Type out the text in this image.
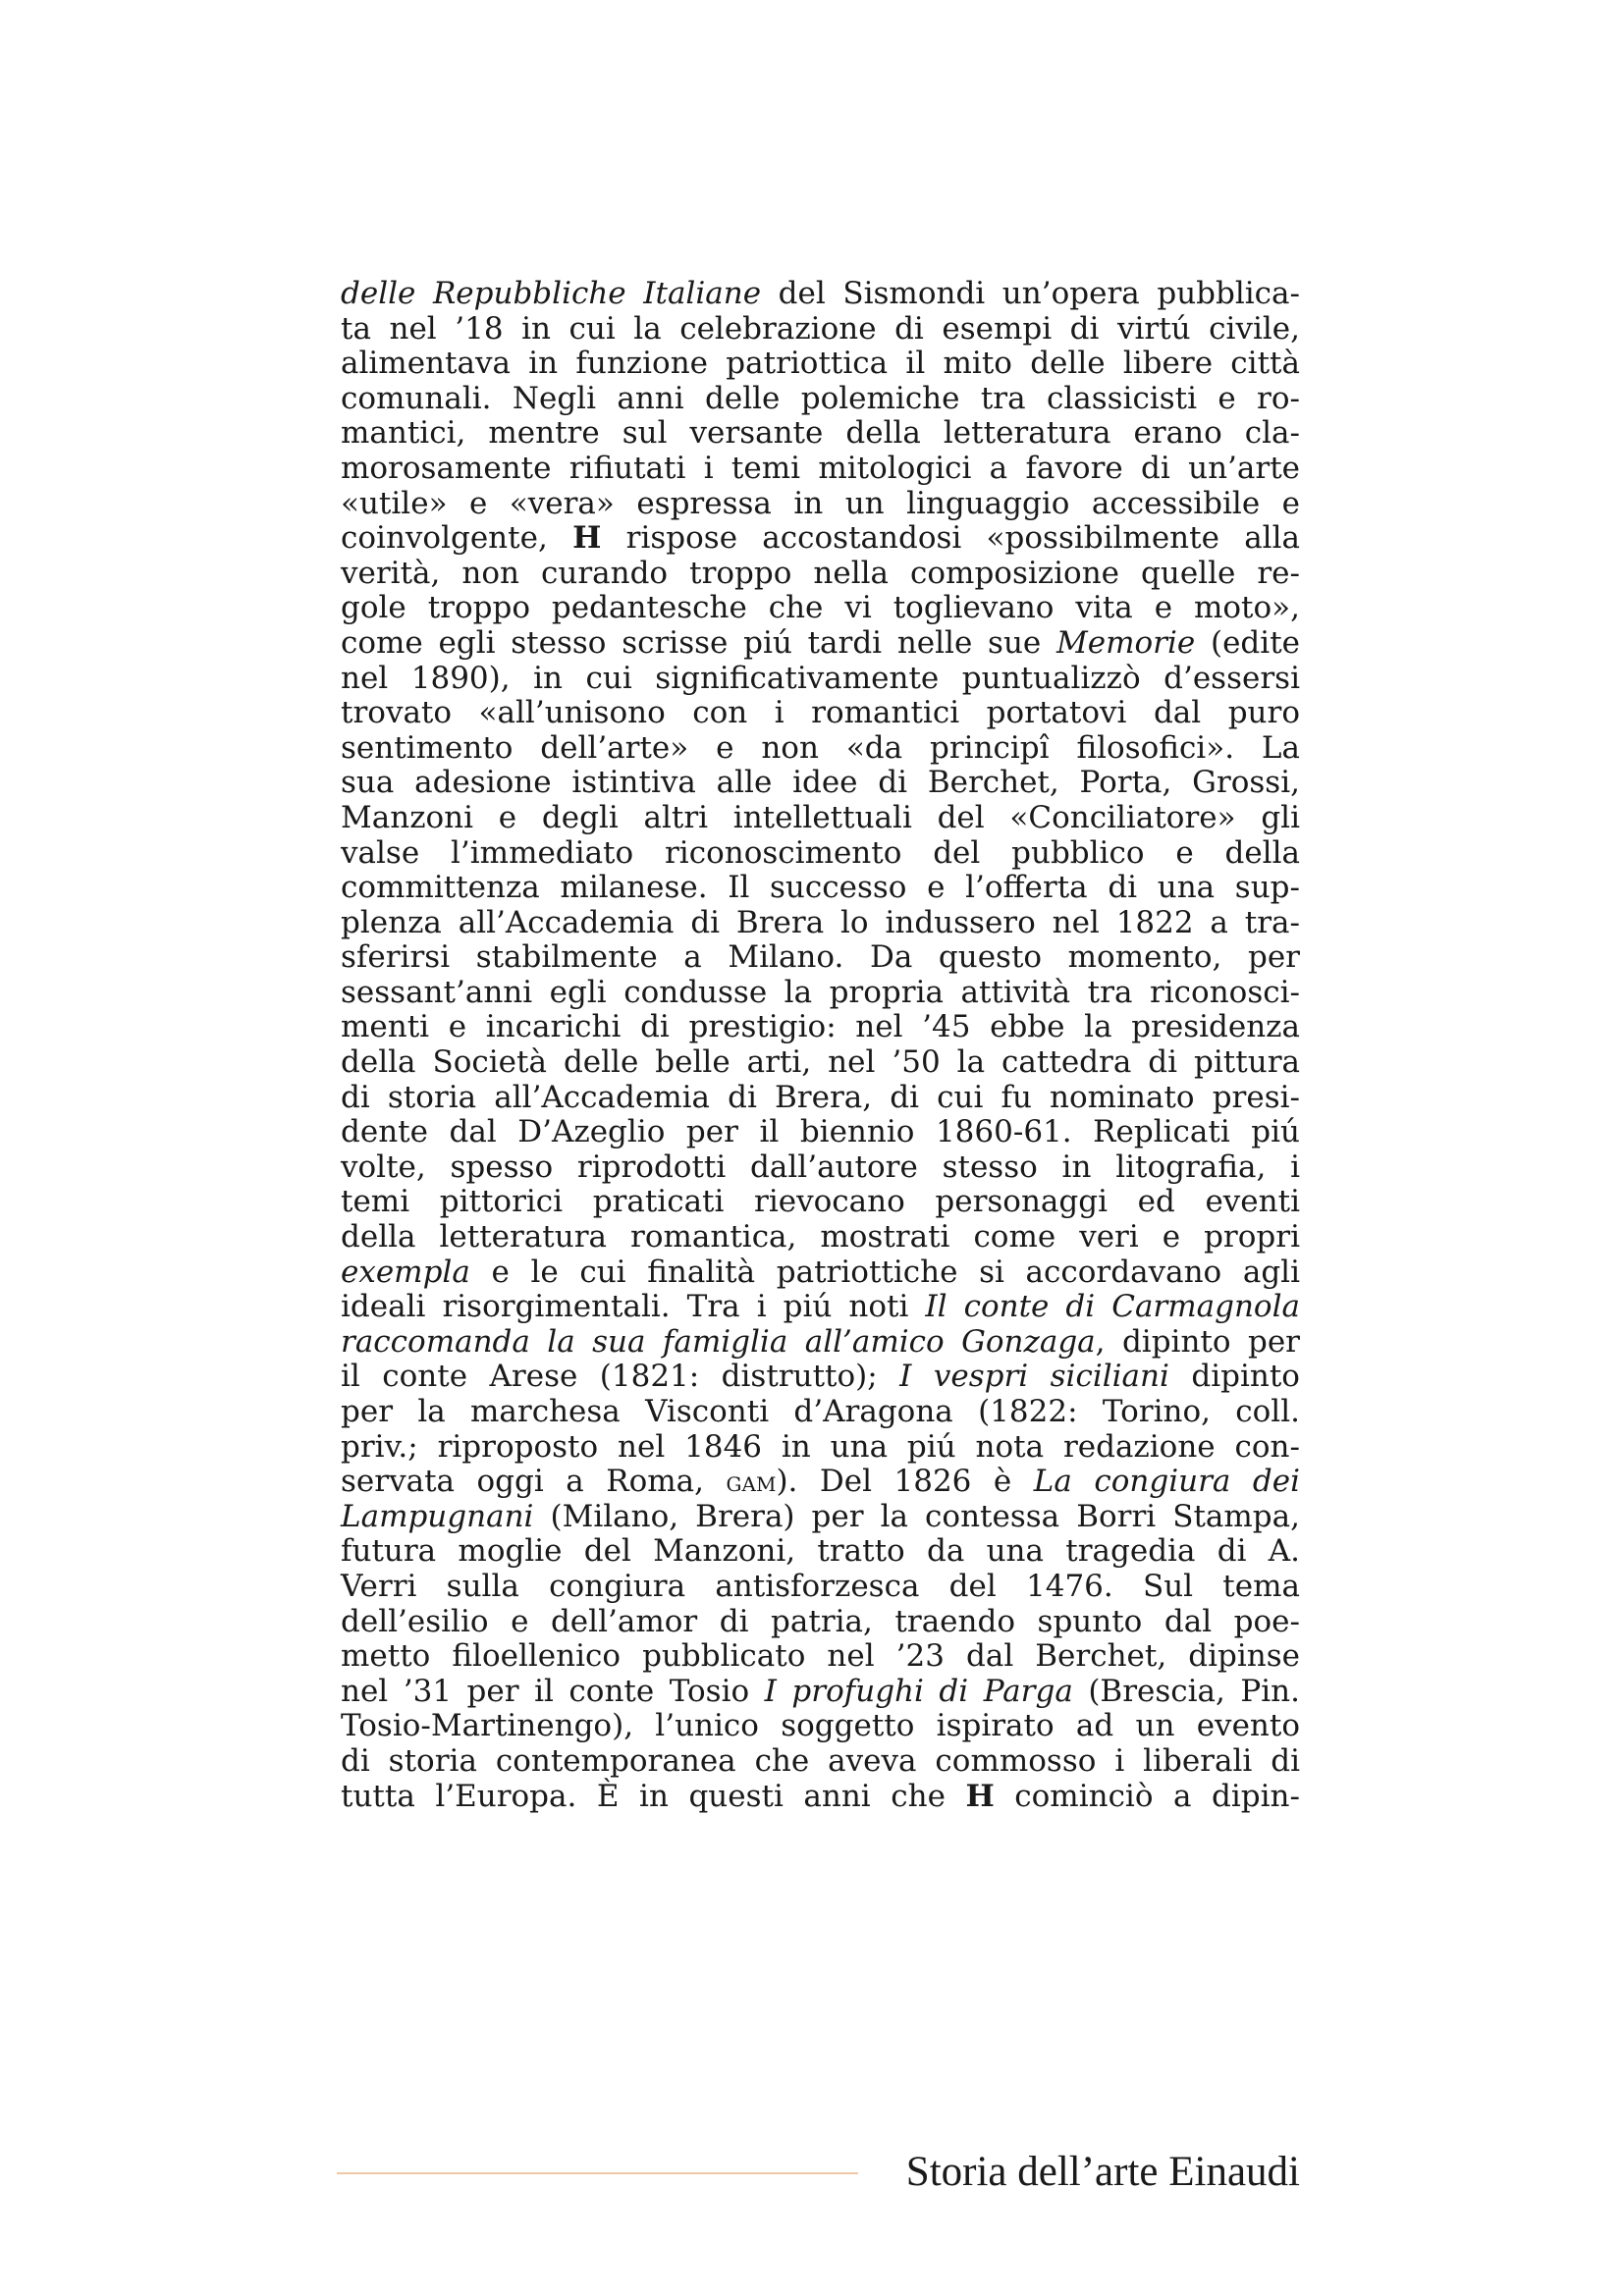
delle Repubbliche Italiane del Sismondi un’opera pubblica-
ta nel ’18 in cui la celebrazione di esempi di virtú civile,
alimentava in funzione patriottica il mito delle libere città
comunali. Negli anni delle polemiche tra classicisti e ro-
mantici, mentre sul versante della letteratura erano cla-
morosamente rifiutati i temi mitologici a favore di un’arte
«utile» e «vera» espressa in un linguaggio accessibile e
coinvolgente, H rispose accostandosi «possibilmente alla
verità, non curando troppo nella composizione quelle re-
gole troppo pedantesche che vi toglievano vita e moto»,
come egli stesso scrisse piú tardi nelle sue Memorie (edite
nel 1890), in cui significativamente puntualizzò d’essersi
trovato «all’unisono con i romantici portatovi dal puro
sentimento dell’arte» e non «da principî filosofici». La
sua adesione istintiva alle idee di Berchet, Porta, Grossi,
Manzoni e degli altri intellettuali del «Conciliatore» gli
valse l’immediato riconoscimento del pubblico e della
committenza milanese. Il successo e l’offerta di una sup-
plenza all’Accademia di Brera lo indussero nel 1822 a tra-
sferirsi stabilmente a Milano. Da questo momento, per
sessant’anni egli condusse la propria attività tra riconosci-
menti e incarichi di prestigio: nel ’45 ebbe la presidenza
della Società delle belle arti, nel ’50 la cattedra di pittura
di storia all’Accademia di Brera, di cui fu nominato presi-
dente dal D’Azeglio per il biennio 1860-61. Replicati piú
volte, spesso riprodotti dall’autore stesso in litografia, i
temi pittorici praticati rievocano personaggi ed eventi
della letteratura romantica, mostrati come veri e propri
exempla e le cui finalità patriottiche si accordavano agli
ideali risorgimentali. Tra i piú noti Il conte di Carmagnola
raccomanda la sua famiglia all’amico Gonzaga, dipinto per
il conte Arese (1821: distrutto); I vespri siciliani dipinto
per la marchesa Visconti d’Aragona (1822: Torino, coll.
priv.; riproposto nel 1846 in una piú nota redazione con-
servata oggi a Roma, gam). Del 1826 è La congiura dei
Lampugnani (Milano, Brera) per la contessa Borri Stampa,
futura moglie del Manzoni, tratto da una tragedia di A.
Verri sulla congiura antisforzesca del 1476. Sul tema
dell’esilio e dell’amor di patria, traendo spunto dal poe-
metto filoellenico pubblicato nel ’23 dal Berchet, dipinse
nel ’31 per il conte Tosio I profughi di Parga (Brescia, Pin.
Tosio-Martinengo), l’unico soggetto ispirato ad un evento
di storia contemporanea che aveva commosso i liberali di
tutta l’Europa. È in questi anni che H cominciò a dipin-
Storia dell’arte Einaudi
